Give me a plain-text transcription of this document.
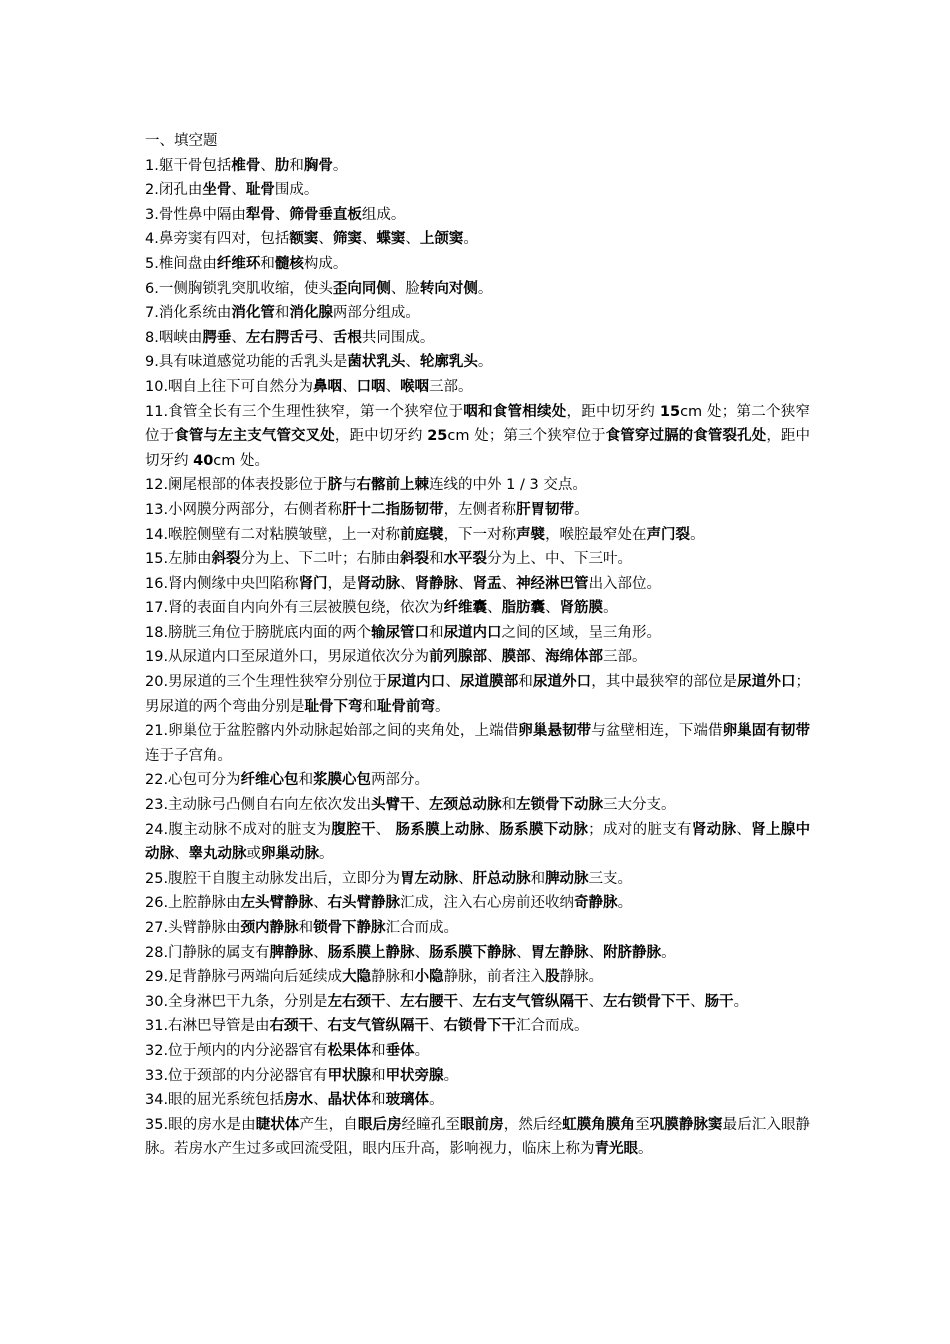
一、填空题

1.躯干骨包括椎骨、肋和胸骨。

2.闭孔由坐骨、耻骨围成。

3.骨性鼻中隔由犁骨、筛骨垂直板组成。

4.鼻旁窦有四对，包括额窦、筛窦、蝶窦、上颌窦。

5.椎间盘由纤维环和髓核构成。

6.一侧胸锁乳突肌收缩，使头歪向同侧、脸转向对侧。

7.消化系统由消化管和消化腺两部分组成。

8.咽峡由腭垂、左右腭舌弓、舌根共同围成。

9.具有味道感觉功能的舌乳头是菌状乳头、轮廓乳头。

10.咽自上往下可自然分为鼻咽、口咽、喉咽三部。

11.食管全长有三个生理性狭窄，第一个狭窄位于咽和食管相续处，距中切牙约 15cm 处；第二个狭窄位于食管与左主支气管交叉处，距中切牙约 25cm 处；第三个狭窄位于食管穿过膈的食管裂孔处，距中切牙约 40cm 处。

12.阑尾根部的体表投影位于脐与右髂前上棘连线的中外 1 / 3 交点。

13.小网膜分两部分，右侧者称肝十二指肠韧带，左侧者称肝胃韧带。

14.喉腔侧壁有二对粘膜皱壁，上一对称前庭襞，下一对称声襞，喉腔最窄处在声门裂。

15.左肺由斜裂分为上、下二叶；右肺由斜裂和水平裂分为上、中、下三叶。

16.肾内侧缘中央凹陷称肾门，是肾动脉、肾静脉、肾盂、神经淋巴管出入部位。

17.肾的表面自内向外有三层被膜包绕，依次为纤维囊、脂肪囊、肾筋膜。

18.膀胱三角位于膀胱底内面的两个输尿管口和尿道内口之间的区域，呈三角形。

19.从尿道内口至尿道外口，男尿道依次分为前列腺部、膜部、海绵体部三部。

20.男尿道的三个生理性狭窄分别位于尿道内口、尿道膜部和尿道外口，其中最狭窄的部位是尿道外口；男尿道的两个弯曲分别是耻骨下弯和耻骨前弯。

21.卵巢位于盆腔髂内外动脉起始部之间的夹角处，上端借卵巢悬韧带与盆壁相连，下端借卵巢固有韧带连于子宫角。

22.心包可分为纤维心包和浆膜心包两部分。

23.主动脉弓凸侧自右向左依次发出头臂干、左颈总动脉和左锁骨下动脉三大分支。

24.腹主动脉不成对的脏支为腹腔干、 肠系膜上动脉、肠系膜下动脉；成对的脏支有肾动脉、肾上腺中动脉、睾丸动脉或卵巢动脉。

25.腹腔干自腹主动脉发出后，立即分为胃左动脉、肝总动脉和脾动脉三支。

26.上腔静脉由左头臂静脉、右头臂静脉汇成，注入右心房前还收纳奇静脉。

27.头臂静脉由颈内静脉和锁骨下静脉汇合而成。

28.门静脉的属支有脾静脉、肠系膜上静脉、肠系膜下静脉、胃左静脉、附脐静脉。

29.足背静脉弓两端向后延续成大隐静脉和小隐静脉，前者注入股静脉。

30.全身淋巴干九条，分别是左右颈干、左右腰干、左右支气管纵隔干、左右锁骨下干、肠干。

31.右淋巴导管是由右颈干、右支气管纵隔干、右锁骨下干汇合而成。

32.位于颅内的内分泌器官有松果体和垂体。

33.位于颈部的内分泌器官有甲状腺和甲状旁腺。

34.眼的屈光系统包括房水、晶状体和玻璃体。

35.眼的房水是由睫状体产生，自眼后房经瞳孔至眼前房，然后经虹膜角膜角至巩膜静脉窦最后汇入眼静脉。若房水产生过多或回流受阻，眼内压升高，影响视力，临床上称为青光眼。
